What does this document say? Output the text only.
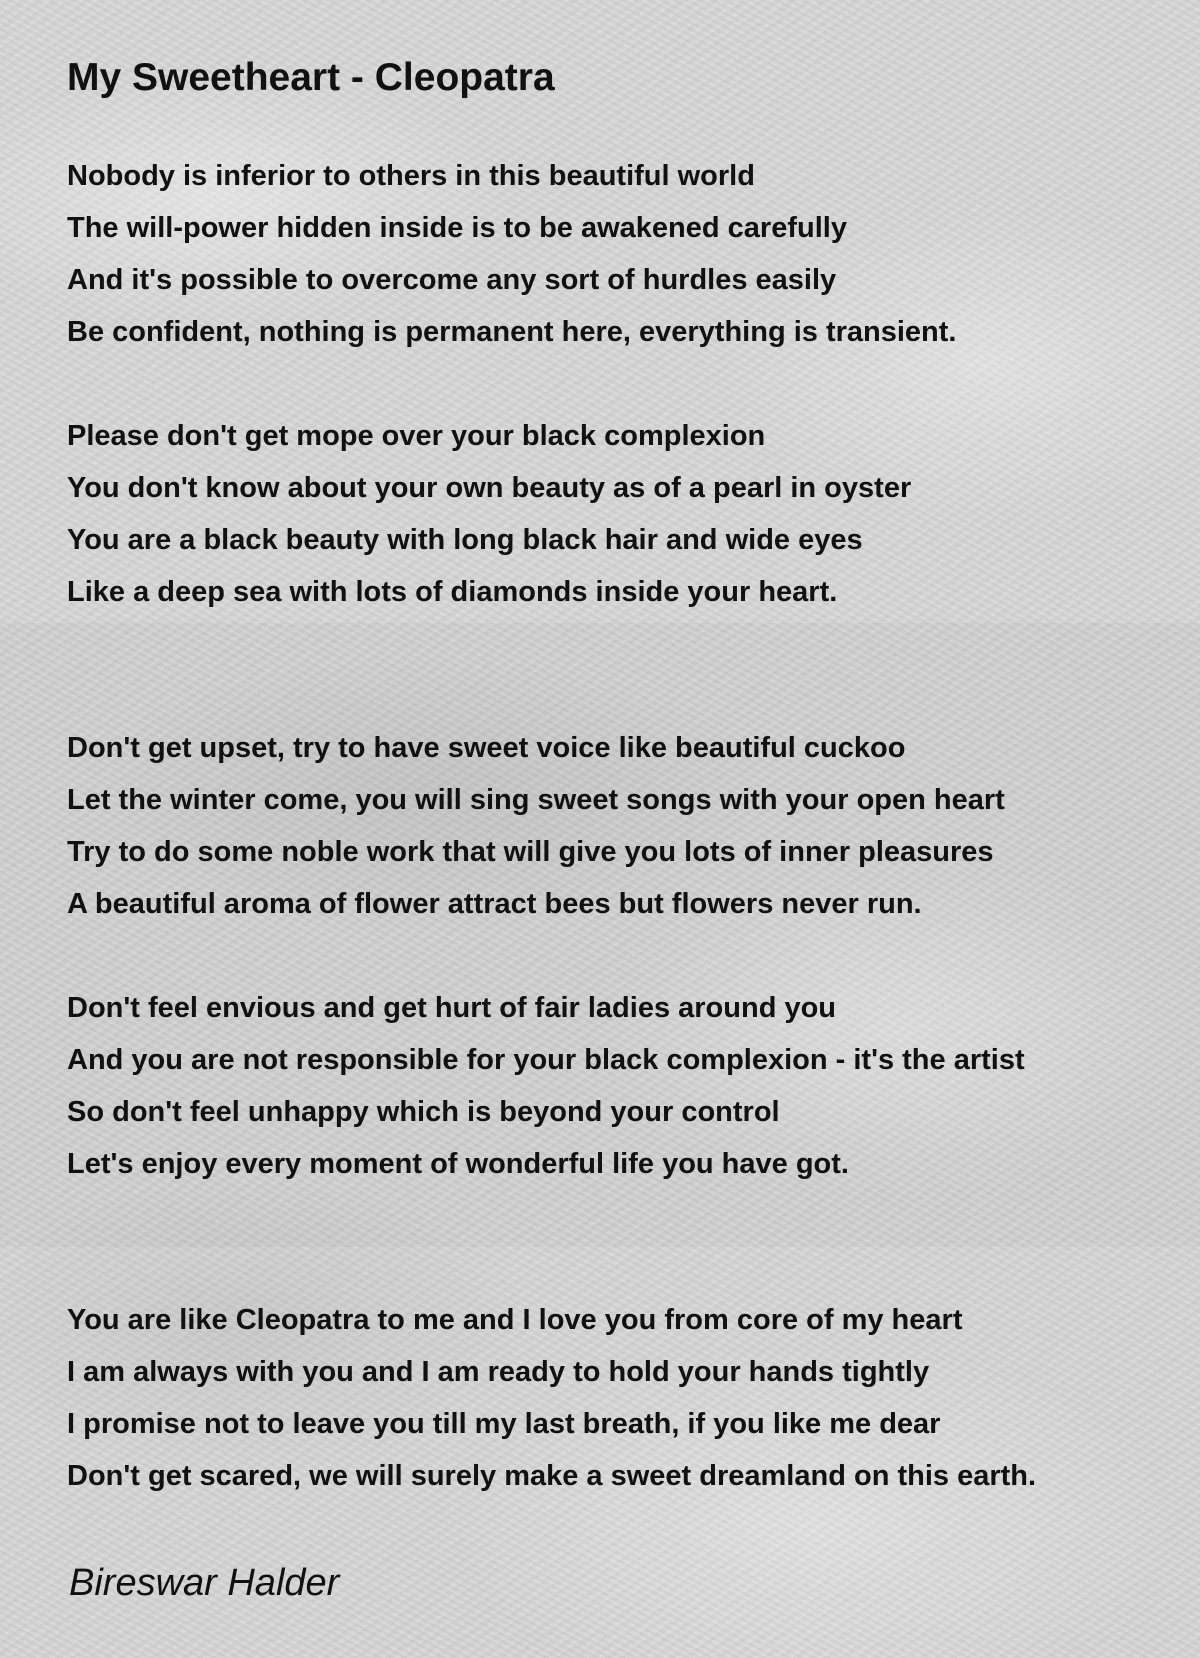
My Sweetheart - Cleopatra

Nobody is inferior to others in this beautiful world

The will-power hidden inside is to be awakened carefully

And it's possible to overcome any sort of hurdles easily

Be confident, nothing is permanent here, everything is transient.

Please don't get mope over your black complexion

You don't know about your own beauty as of a pearl in oyster

You are a black beauty with long black hair and wide eyes

Like a deep sea with lots of diamonds inside your heart.

Don't get upset, try to have sweet voice like beautiful cuckoo

Let the winter come, you will sing sweet songs with your open heart

Try to do some noble work that will give you lots of inner pleasures

A beautiful aroma of flower attract bees but flowers never run.

Don't feel envious and get hurt of fair ladies around you

And you are not responsible for your black complexion - it's the artist

So don't feel unhappy which is beyond your control

Let's enjoy every moment of wonderful life you have got.

You are like Cleopatra to me and I love you from core of my heart

I am always with you and I am ready to hold your hands tightly

I promise not to leave you till my last breath, if you like me dear

Don't get scared, we will surely make a sweet dreamland on this earth.

Bireswar Halder
